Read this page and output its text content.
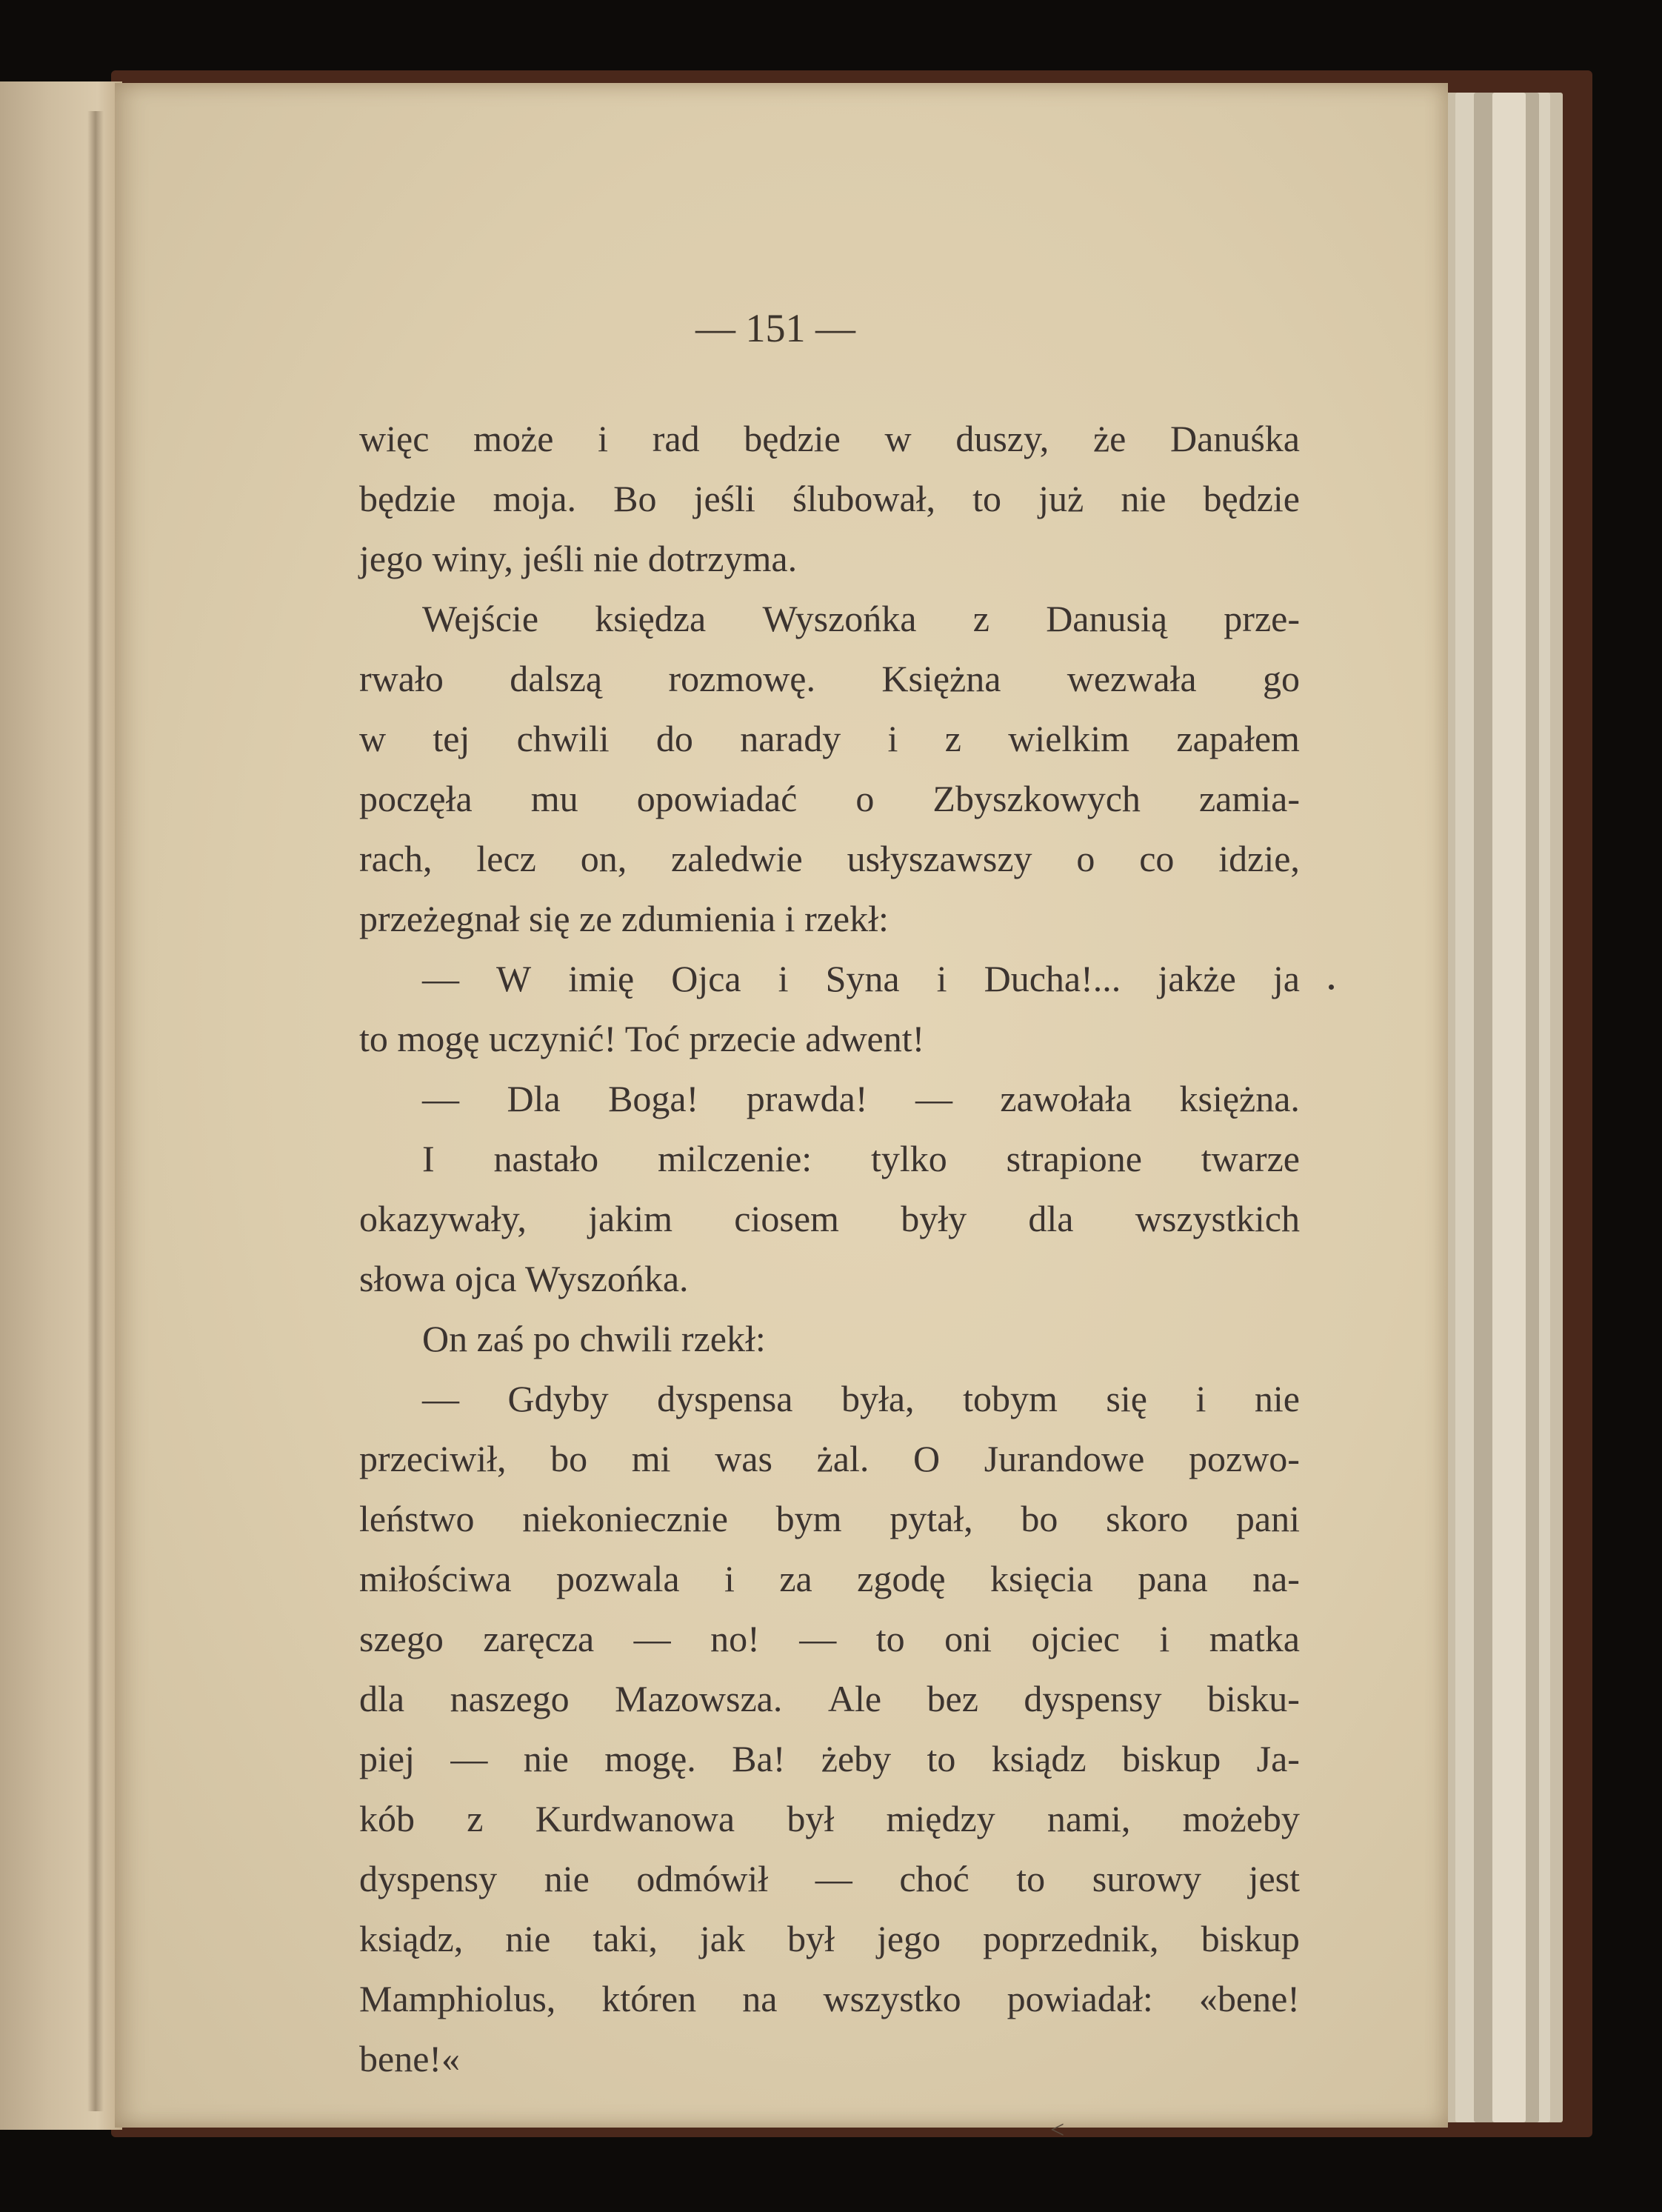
— 151 —
więc może i rad będzie w duszy, że Danuśka
będzie moja. Bo jeśli ślubował, to już nie będzie
jego winy, jeśli nie dotrzyma.
Wejście księdza Wyszońka z Danusią prze-
rwało dalszą rozmowę. Księżna wezwała go
w tej chwili do narady i z wielkim zapałem
poczęła mu opowiadać o Zbyszkowych zamia-
rach, lecz on, zaledwie usłyszawszy o co idzie,
przeżegnał się ze zdumienia i rzekł:
— W imię Ojca i Syna i Ducha!... jakże ja
to mogę uczynić! Toć przecie adwent!
— Dla Boga! prawda! — zawołała księżna.
I nastało milczenie: tylko strapione twarze
okazywały, jakim ciosem były dla wszystkich
słowa ojca Wyszońka.
On zaś po chwili rzekł:
— Gdyby dyspensa była, tobym się i nie
przeciwił, bo mi was żal. O Jurandowe pozwo-
leństwo niekoniecznie bym pytał, bo skoro pani
miłościwa pozwala i za zgodę księcia pana na-
szego zaręcza — no! — to oni ojciec i matka
dla naszego Mazowsza. Ale bez dyspensy bisku-
piej — nie mogę. Ba! żeby to ksiądz biskup Ja-
kób z Kurdwanowa był między nami, możeby
dyspensy nie odmówił — choć to surowy jest
ksiądz, nie taki, jak był jego poprzednik, biskup
Mamphiolus, któren na wszystko powiadał: «bene!
bene!«
<
